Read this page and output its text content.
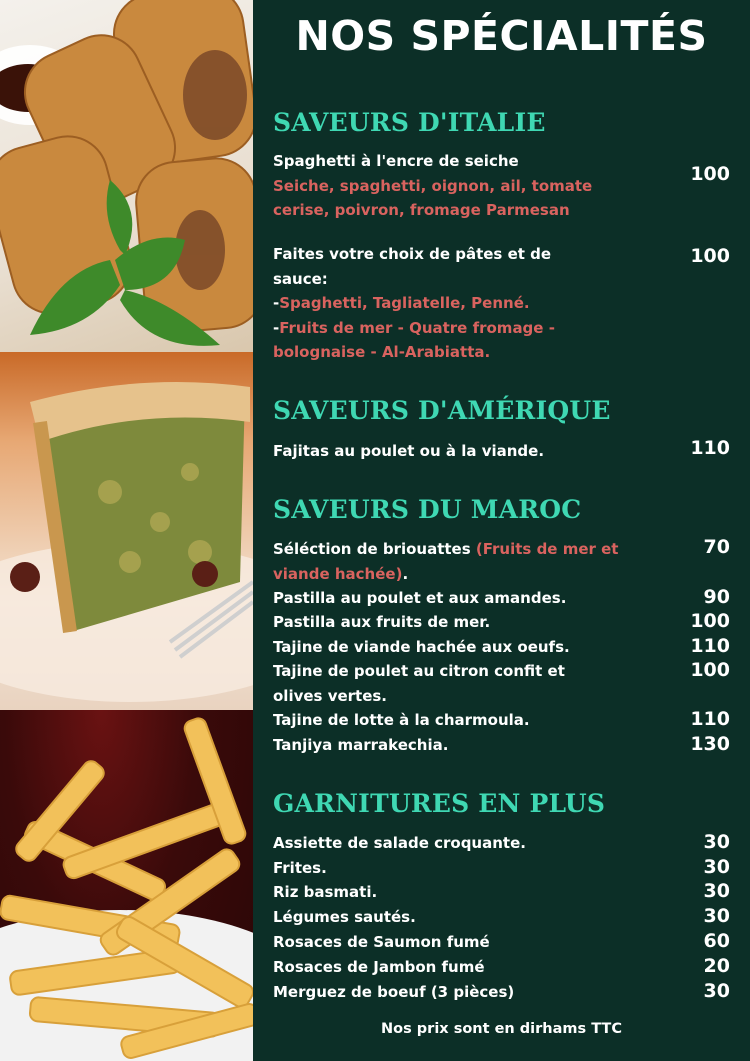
NOS SPÉCIALITÉS
SAVEURS D'ITALIE
Spaghetti à l'encre de seiche
Seiche, spaghetti, oignon, ail, tomate cerise, poivron, fromage Parmesan
100
Faites votre choix de pâtes et de sauce:
-Spaghetti, Tagliatelle, Penné.
-Fruits de mer - Quatre fromage - bolognaise - Al-Arabiatta.
100
SAVEURS D'AMÉRIQUE
Fajitas au poulet ou à la viande.	110
SAVEURS DU MAROC
Séléction de briouattes (Fruits de mer et viande hachée).
70
Pastilla au poulet et aux amandes.	90
Pastilla aux fruits de mer.	100
Tajine de viande hachée aux oeufs.	110
Tajine de poulet au citron confit et olives vertes.
100
Tajine de lotte à la charmoula.	110
Tanjiya marrakechia.	130
GARNITURES EN PLUS
Assiette de salade croquante.	30
Frites.	30
Riz basmati.	30
Légumes sautés.	30
Rosaces de Saumon fumé	60
Rosaces de Jambon fumé	20
Merguez de boeuf (3 pièces)	30
Nos prix sont en dirhams TTC
